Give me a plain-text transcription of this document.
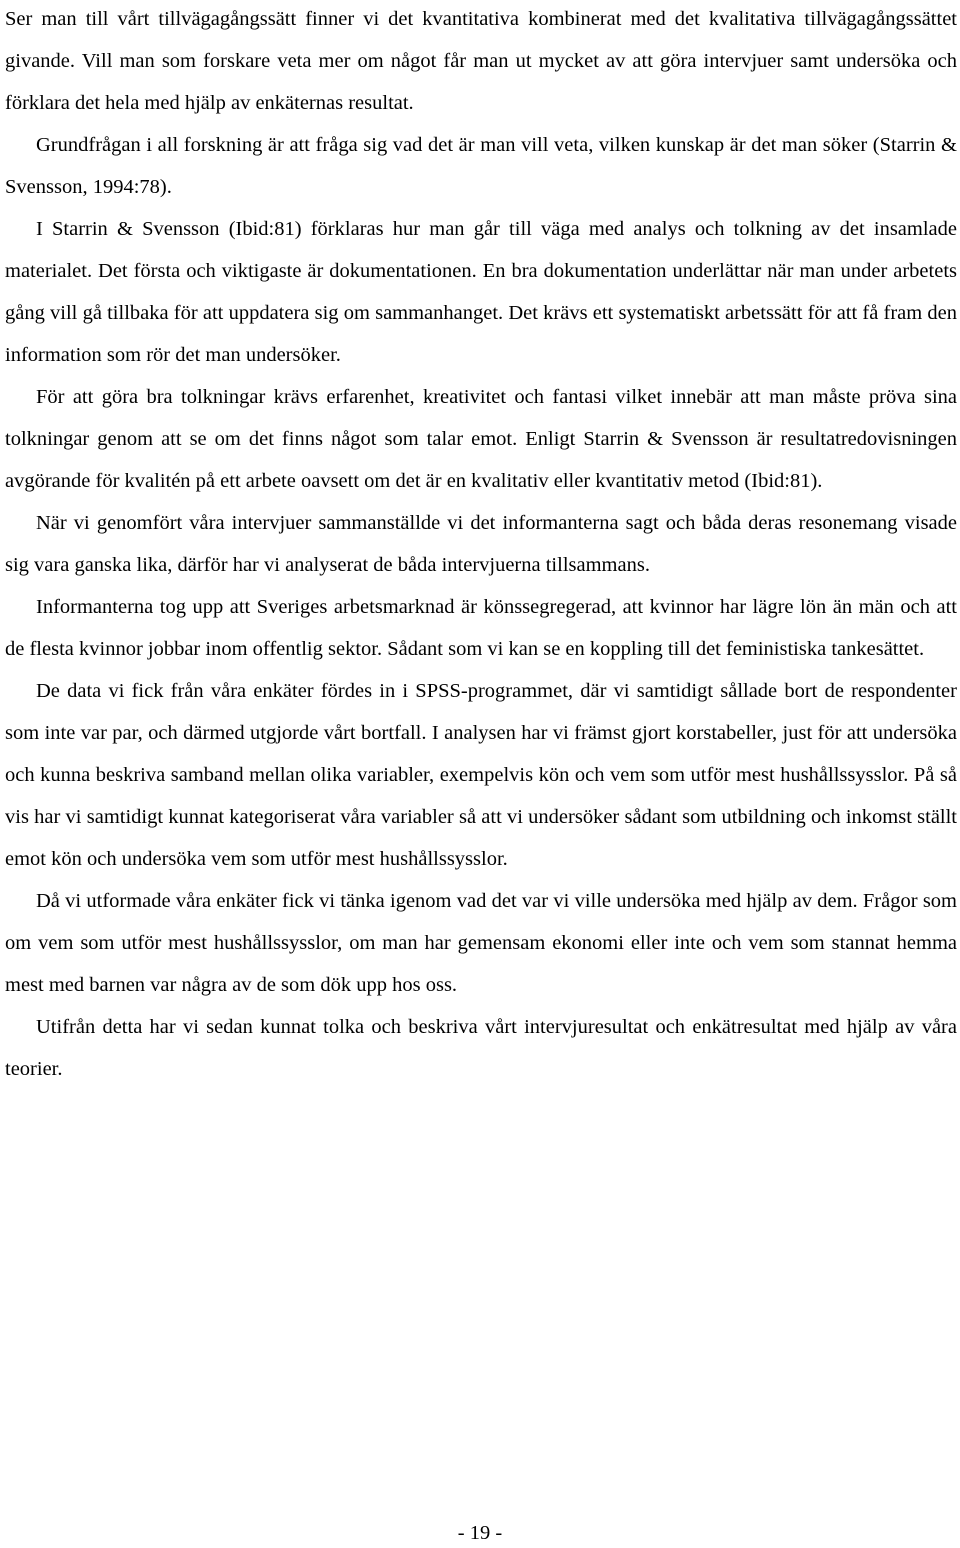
Ser man till vårt tillvägagångssätt finner vi det kvantitativa kombinerat med det kvalitativa tillvägagångssättet givande. Vill man som forskare veta mer om något får man ut mycket av att göra intervjuer samt undersöka och förklara det hela med hjälp av enkäternas resultat.

Grundfrågan i all forskning är att fråga sig vad det är man vill veta, vilken kunskap är det man söker (Starrin & Svensson, 1994:78).

I Starrin & Svensson (Ibid:81) förklaras hur man går till väga med analys och tolkning av det insamlade materialet. Det första och viktigaste är dokumentationen. En bra dokumentation underlättar när man under arbetets gång vill gå tillbaka för att uppdatera sig om sammanhanget. Det krävs ett systematiskt arbetssätt för att få fram den information som rör det man undersöker.

För att göra bra tolkningar krävs erfarenhet, kreativitet och fantasi vilket innebär att man måste pröva sina tolkningar genom att se om det finns något som talar emot. Enligt Starrin & Svensson är resultatredovisningen avgörande för kvalitén på ett arbete oavsett om det är en kvalitativ eller kvantitativ metod (Ibid:81).

När vi genomfört våra intervjuer sammanställde vi det informanterna sagt och båda deras resonemang visade sig vara ganska lika, därför har vi analyserat de båda intervjuerna tillsammans.

Informanterna tog upp att Sveriges arbetsmarknad är könssegregerad, att kvinnor har lägre lön än män och att de flesta kvinnor jobbar inom offentlig sektor. Sådant som vi kan se en koppling till det feministiska tankesättet.

De data vi fick från våra enkäter fördes in i SPSS-programmet, där vi samtidigt sållade bort de respondenter som inte var par, och därmed utgjorde vårt bortfall. I analysen har vi främst gjort korstabeller, just för att undersöka och kunna beskriva samband mellan olika variabler, exempelvis kön och vem som utför mest hushållssysslor. På så vis har vi samtidigt kunnat kategoriserat våra variabler så att vi undersöker sådant som utbildning och inkomst ställt emot kön och undersöka vem som utför mest hushållssysslor.

Då vi utformade våra enkäter fick vi tänka igenom vad det var vi ville undersöka med hjälp av dem. Frågor som om vem som utför mest hushållssysslor, om man har gemensam ekonomi eller inte och vem som stannat hemma mest med barnen var några av de som dök upp hos oss.

Utifrån detta har vi sedan kunnat tolka och beskriva vårt intervjuresultat och enkätresultat med hjälp av våra teorier.

- 19 -
